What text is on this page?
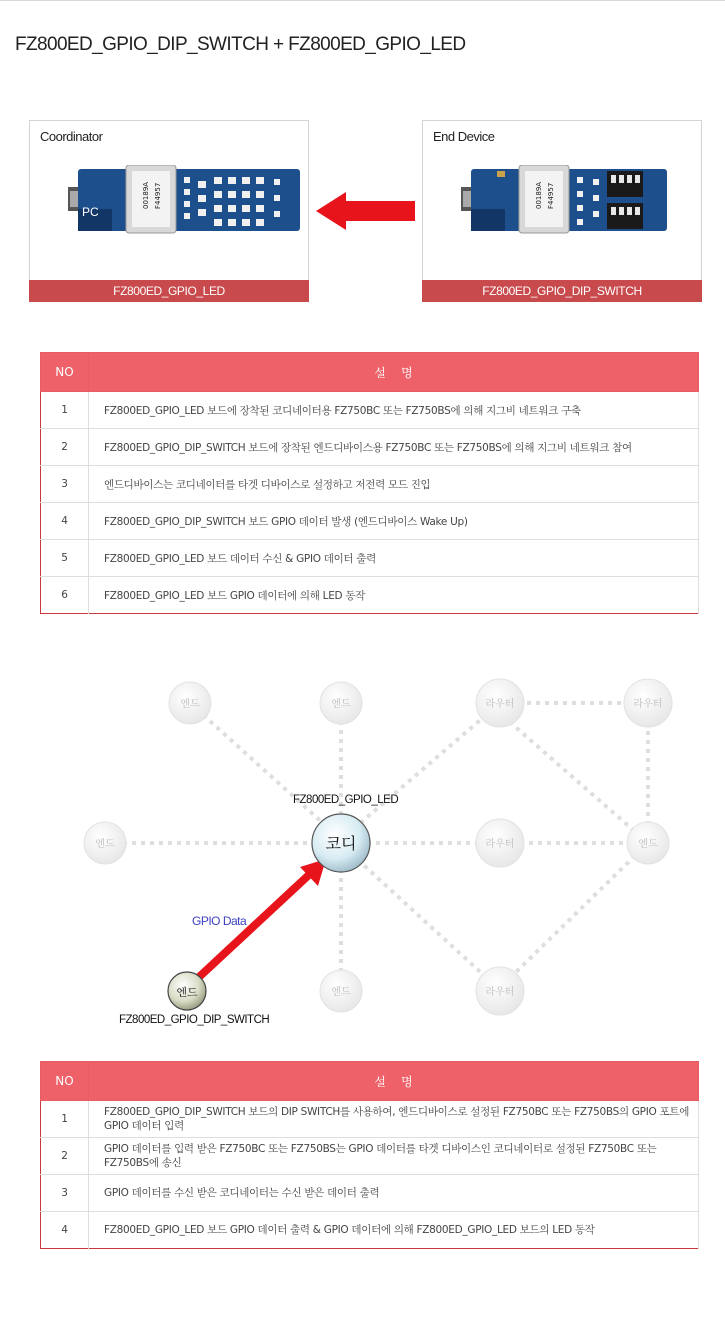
FZ800ED_GPIO_DIP_SWITCH + FZ800ED_GPIO_LED
Coordinator
00189A F44957
FZ800ED_GPIO_LED
PC
End Device
00189A F44957
FZ800ED_GPIO_DIP_SWITCH
NO	설    명
1	FZ800ED_GPIO_LED 보드에 장착된 코디네이터용 FZ750BC 또는 FZ750BS에 의해 지그비 네트워크 구축
2	FZ800ED_GPIO_DIP_SWITCH 보드에 장착된 엔드디바이스용 FZ750BC 또는 FZ750BS에 의해 지그비 네트워크 참여
3	엔드디바이스는 코디네이터를 타겟 디바이스로 설정하고 저전력 모드 진입
4	FZ800ED_GPIO_DIP_SWITCH 보드 GPIO 데이터 발생 (엔드디바이스 Wake Up)
5	FZ800ED_GPIO_LED 보드 데이터 수신 & GPIO 데이터 출력
6	FZ800ED_GPIO_LED 보드 GPIO 데이터에 의해 LED 동작
엔드	엔드	라우터	라우터
엔드	라우터	엔드
엔드	라우터
코디
엔드
FZ800ED_GPIO_LED
FZ800ED_GPIO_DIP_SWITCH
GPIO Data
NO	설    명
1	FZ800ED_GPIO_DIP_SWITCH 보드의 DIP SWITCH를 사용하여, 엔드디바이스로 설정된 FZ750BC 또는 FZ750BS의 GPIO 포트에 GPIO 데이터 입력
2	GPIO 데이터를 입력 받은 FZ750BC 또는 FZ750BS는 GPIO 데이터를 타겟 디바이스인 코디네이터로 설정된 FZ750BC 또는 FZ750BS에 송신
3	GPIO 데이터를 수신 받은 코디네이터는 수신 받은 데이터 출력
4	FZ800ED_GPIO_LED 보드 GPIO 데이터 출력 & GPIO 데이터에 의해 FZ800ED_GPIO_LED 보드의 LED 동작
